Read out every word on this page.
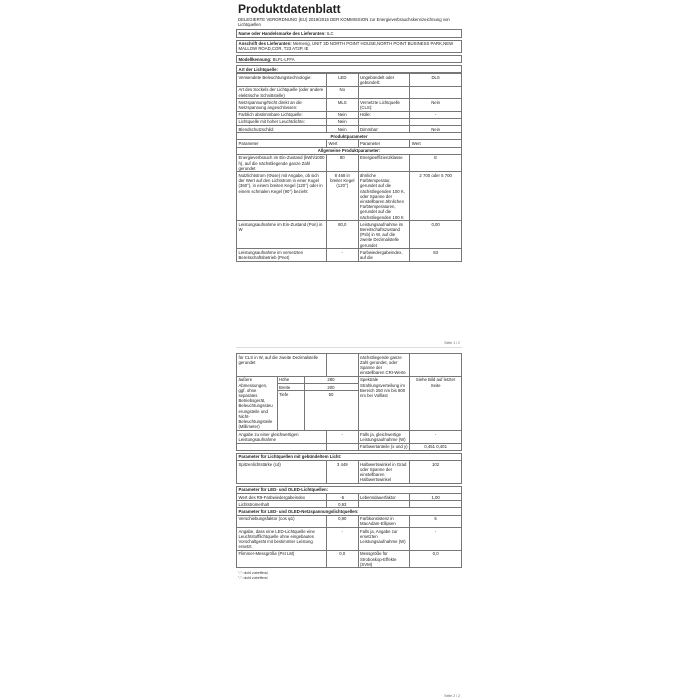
Produktdatenblatt
DELEGIERTE VERORDNUNG (EU) 2019/2015 DER KOMMISSION zur Energieverbrauchskennzeichnung von Lichtquellen
Name oder Handelsmarke des Lieferanten: ILC

Anschrift des Lieferanten: Memeng, UNIT 3D NORTH POINT HOUSE,NORTH POINT BUSINESS PARK,NEW MALLOW ROAD,COR, T23 AT2P, IE

Modellkennung: BLFL-LFFA

Art der Lichtquelle:
Verwendete Beleuchtungstechnologie:	LED	Ungebündelt oder gebündelt:	DLS
Art des Sockels der Lichtquelle (oder andere elektrische Schnittstelle)	No		
Netzspannung/Nicht direkt an die Netzspannung angeschlossen:	MLS	Vernetzte Lichtquelle (CLS):	Nein
Farblich abstimmbare Lichtquelle:	Nein	Hülle:	-
Lichtquelle mit hoher Leuchtdichte:	Nein		
Blendschutzschild:	Nein	Dimmbar:	Nein
Produktparameter			
Parameter	Wert	Parameter	Wert
Allgemeine Produktparameter:			
Energieverbrauch im Ein-Zustand (kWh/1000 h), auf die nächstliegende ganze Zahl gerundet	80	Energieeffizienzklasse	E
Nutzlichtstrom (Φuse) mit Angabe, ob sich der Wert auf den Lichtstrom in einer Kugel (360°), in einem breiten Kegel (120°) oder in einem schmalen Kegel (90°) bezieht	8 468 in breiter Kegel (120°)	ähnliche Farbtemperatur, gerundet auf die nächstliegenden 100 K, oder Spanne der einstellbaren ähnlichen Farbtemperaturen, gerundet auf die nächstliegenden 100 K	2 700 oder 5 700
Leistungsaufnahme im Ein-Zustand (Pon) in W	80,0	Leistungsaufnahme im Bereitschaftszustand (Psb) in W, auf die zweite Dezimalstelle gerundet	0,00
Leistungsaufnahme im vernetzten Bereitschaftsbetrieb (Pnet)	-	Farbwiedergabeindex, auf die	83
Seite 1 / 2
für CLS in W, auf die zweite Dezimalstelle gerundet				nächstliegende ganze Zahl gerundet, oder Spanne der einstellbaren CRI-Werte	
äußere Abmessungen, ggf. ohne separates Betriebsgerät, Beleuchtungssteuerungsteile und Nicht-Beleuchtungsteile (Millimeter)	Höhe	280		Spektrale Strahlungsverteilung im Bereich 250 nm bis 800 nm bei Volllast	Siehe Bild auf letzter Seite
	Breite	200			
	Tiefe	50			
Angabe zu einer gleichwertigen Leistungsaufnahme			-	Falls ja, gleichwertige Leistungsaufnahme (W)	-
				Farbwertanteile (x und y)	0,451 0,401

Parameter für Lichtquellen mit gebündeltem Licht:					
Spitzenlichtstärke (cd)			3 449	Halbwertswinkel in Grad oder Spanne der einstellbaren Halbwertswinkel	102

Parameter für LED- und OLED-Lichtquellen:					
Wert des R9-Farbwiedergabeindex			-5	Lebensdauerfaktor	1,00
Lichtstromerhalt			0,93		
Parameter für LED- und OLED-Netzspannungslichtquellen:					
Verschiebungsfaktor (cos φ1)			0,90	Farbkonsistenz in MacAdam-Ellipsen	5
Angabe, dass eine LED-Lichtquelle eine Leuchtstofflichtquelle ohne eingebautes Vorschaltgerät mit bestimmter Leistung ersetzt.			-	Falls ja, Angabe zur ersetzten Leistungsaufnahme (W)	-
Flimmer-Messgröße (Pst LM)			0,0	Messgröße für Stroboskop-Effekte (SVM)	0,0
"-": nicht zutreffend;
"-": nicht zutreffend
Seite 2 / 2
